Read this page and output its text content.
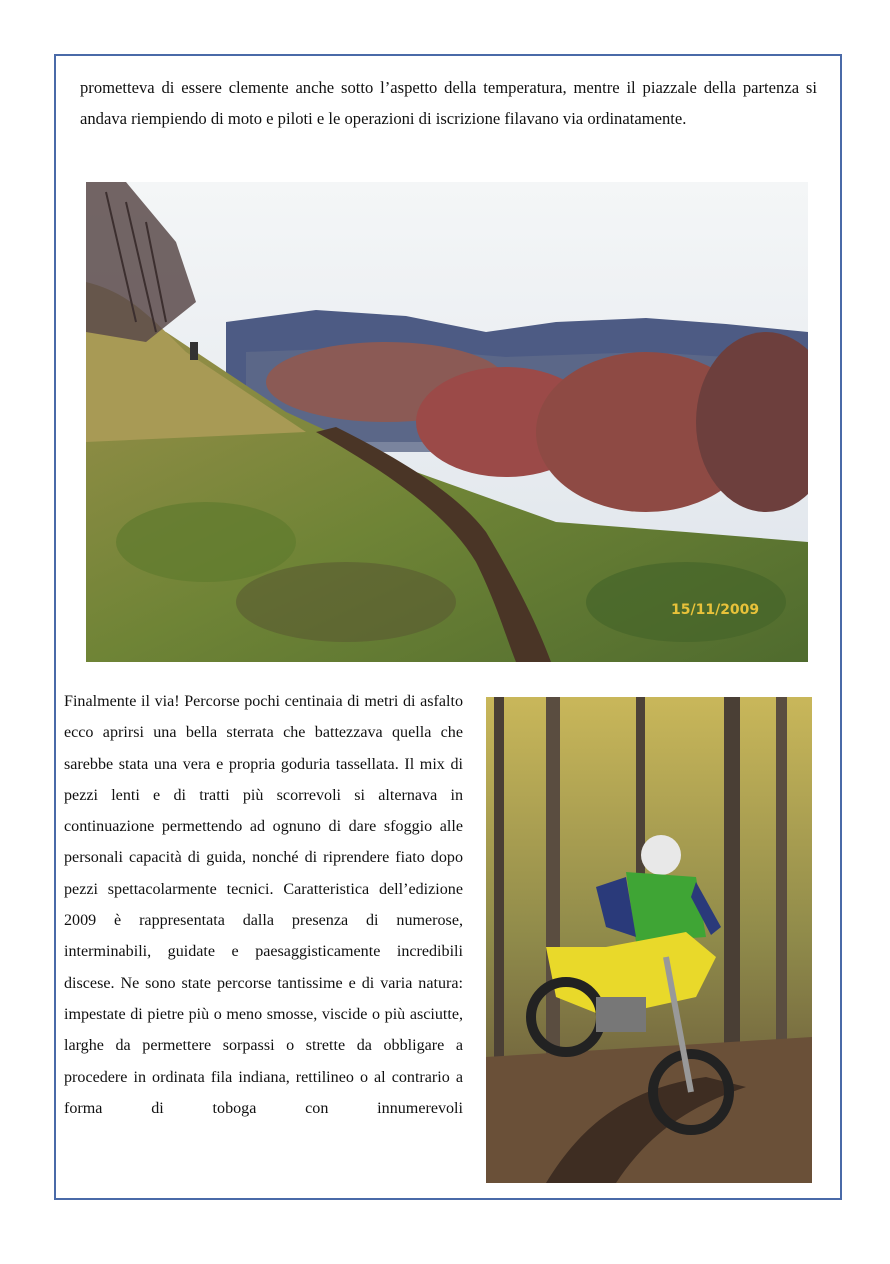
prometteva di essere clemente anche sotto l’aspetto della temperatura, mentre il piazzale della partenza si andava riempiendo di moto e piloti e le operazioni di iscrizione filavano via ordinatamente.

15/11/2009

Finalmente il via! Percorse pochi centinaia di metri di asfalto ecco aprirsi una bella sterrata che battezzava quella che sarebbe stata una vera e propria goduria tassellata. Il mix di pezzi lenti e di tratti più scorrevoli si alternava in continuazione permettendo ad ognuno di dare sfoggio alle personali capacità di guida, nonché di riprendere fiato dopo pezzi spettacolarmente tecnici. Caratteristica dell’edizione 2009 è rappresentata dalla presenza di numerose, interminabili, guidate e paesaggisticamente incredibili discese. Ne sono state percorse tantissime e di varia natura: impestate di pietre più o meno smosse, viscide o più asciutte, larghe da permettere sorpassi o strette da obbligare a procedere in ordinata fila indiana, rettilineo o al contrario a forma di toboga con innumerevoli
